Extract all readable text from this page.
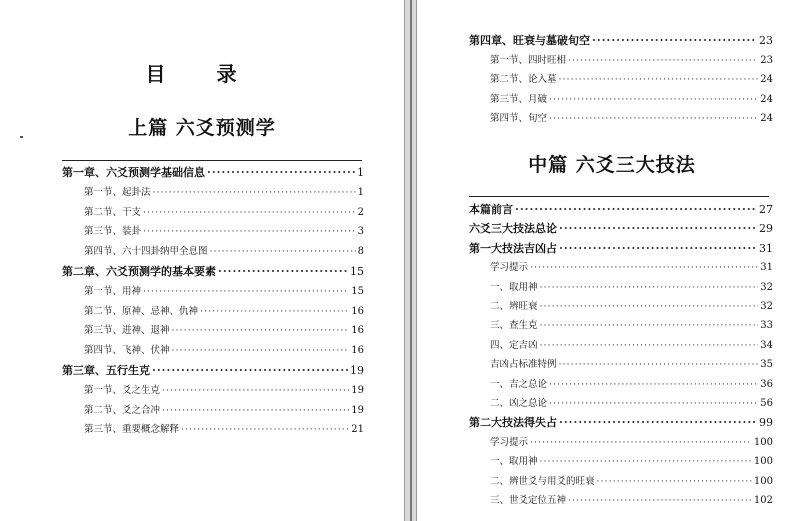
目 录
上篇 六爻预测学
第一章、六爻预测学基础信息 ·····	1
第一节、起卦法 ·····	1
第二节、干支 ·····	2
第三节、装卦 ·····	3
第四节、六十四卦纳甲全息图 ·····	8
第二章、六爻预测学的基本要素 ·····	15
第一节、用神 ·····	15
第二节、原神、忌神、仇神 ·····	16
第三节、进神、退神 ·····	16
第四节、飞神、伏神 ·····	16
第三章、五行生克 ·····	19
第一节、爻之生克 ·····	19
第二节、爻之合冲 ·····	19
第三节、重要概念解释 ·····	21
第四章、旺衰与墓破旬空 ·····	23
第一节、四时旺相 ·····	23
第二节、论入墓 ·····	24
第三节、月破 ·····	24
第四节、旬空 ·····	24
中篇 六爻三大技法
本篇前言 ·····	27
六爻三大技法总论 ·····	29
第一大技法吉凶占 ·····	31
学习提示 ·····	31
一、取用神 ·····	32
二、辨旺衰 ·····	32
三、查生克 ·····	33
四、定吉凶 ·····	34
吉凶占标准特例 ·····	35
一、吉之总论 ·····	36
二、凶之总论 ·····	56
第二大技法得失占 ·····	99
学习提示 ·····	100
一、取用神 ·····	100
二、辨世爻与用爻的旺衰 ·····	100
三、世爻定位五神 ·····	102
